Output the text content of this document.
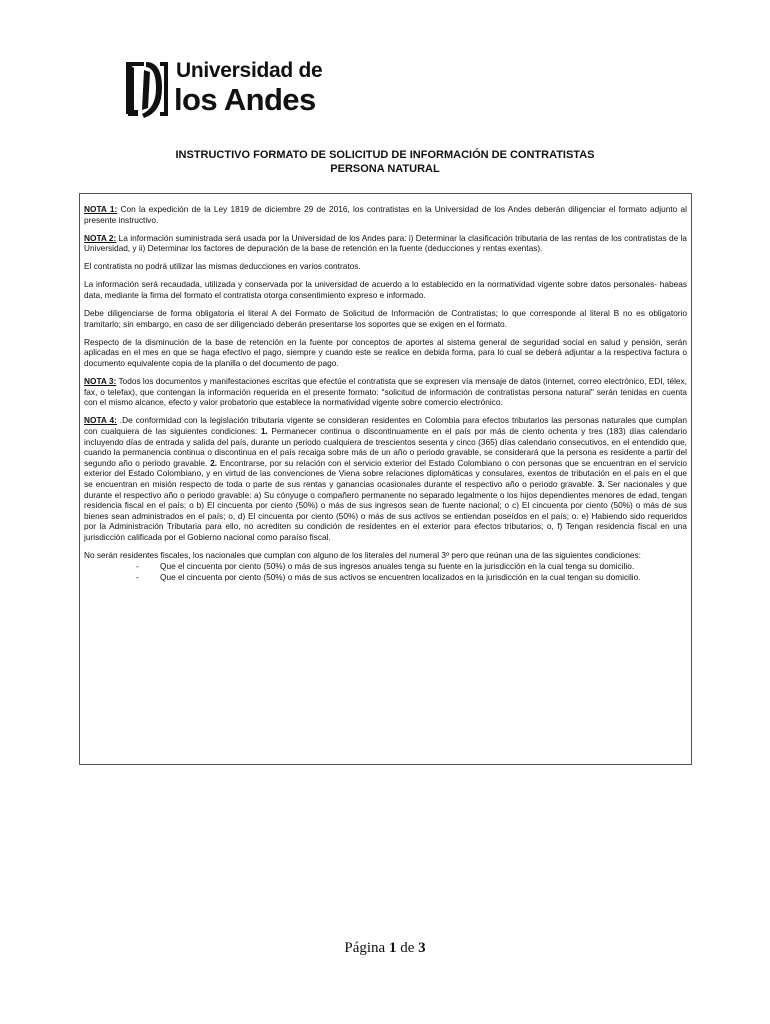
Universidad de
los Andes
INSTRUCTIVO FORMATO DE SOLICITUD DE INFORMACIÓN DE CONTRATISTAS
PERSONA NATURAL

NOTA 1: Con la expedición de la Ley 1819 de diciembre 29 de 2016, los contratistas en la Universidad de los Andes deberán diligenciar el formato adjunto al presente instructivo.

NOTA 2: La información suministrada será usada por la Universidad de los Andes para: i) Determinar la clasificación tributaria de las rentas de los contratistas de la Universidad, y ii) Determinar los factores de depuración de la base de retención en la fuente (deducciones y rentas exentas).

El contratista no podrá utilizar las mismas deducciones en varios contratos.

La información será recaudada, utilizada y conservada por la universidad de acuerdo a lo establecido en la normatividad vigente sobre datos personales- habeas data, mediante la firma del formato el contratista otorga consentimiento expreso e informado.

Debe diligenciarse de forma obligatoria el literal A del Formato de Solicitud de Información de Contratistas; lo que corresponde al literal B no es obligatorio tramitarlo; sin embargo, en caso de ser diligenciado deberán presentarse los soportes que se exigen en el formato.

Respecto de la disminución de la base de retención en la fuente por conceptos de aportes al sistema general de seguridad social en salud y pensión, serán aplicadas en el mes en que se haga efectivo el pago, siempre y cuando este se realice en debida forma, para lo cual se deberá adjuntar a la respectiva factura o documento equivalente copia de la planilla o del documento de pago.

NOTA 3: Todos los documentos y manifestaciones escritas que efectúe el contratista que se expresen vía mensaje de datos (internet, correo electrónico, EDI, télex, fax, o telefax), que contengan la información requerida en el presente formato: "solicitud de información de contratistas persona natural" serán tenidas en cuenta con el mismo alcance, efecto y valor probatorio que establece la normatividad vigente sobre comercio electrónico.

NOTA 4: .De conformidad con la legislación tributaria vigente se consideran residentes en Colombia para efectos tributarios las personas naturales que cumplan con cualquiera de las siguientes condiciones: 1. Permanecer continua o discontinuamente en el país por más de ciento ochenta y tres (183) días calendario incluyendo días de entrada y salida del país, durante un periodo cualquiera de trescientos sesenta y cinco (365) días calendario consecutivos, en el entendido que, cuando la permanencia continua o discontinua en el país recaiga sobre más de un año o periodo gravable, se considerará que la persona es residente a partir del segundo año o periodo gravable. 2. Encontrarse, por su relación con el servicio exterior del Estado Colombiano o con personas que se encuentran en el servicio exterior del Estado Colombiano, y en virtud de las convenciones de Viena sobre relaciones diplomáticas y consulares, exentos de tributación en el país en el que se encuentran en misión respecto de toda o parte de sus rentas y ganancias ocasionales durante el respectivo año o periodo gravable. 3. Ser nacionales y que durante el respectivo año o periodo gravable: a) Su cónyuge o compañero permanente no separado legalmente o los hijos dependientes menores de edad, tengan residencia fiscal en el país; o b) El cincuenta por ciento (50%) o más de sus ingresos sean de fuente nacional; o c) El cincuenta por ciento (50%) o más de sus bienes sean administrados en el país; o, d) El cincuenta por ciento (50%) o más de sus activos se entiendan poseídos en el país; o. e) Habiendo sido requeridos por la Administración Tributaria para ello, no acrediten su condición de residentes en el exterior para efectos tributarios; o, f) Tengan residencia fiscal en una jurisdicción calificada por el Gobierno nacional como paraíso fiscal.

No serán residentes fiscales, los nacionales que cumplan con alguno de los literales del numeral 3º pero que reúnan una de las siguientes condiciones:

-	Que el cincuenta por ciento (50%) o más de sus ingresos anuales tenga su fuente en la jurisdicción en la cual tenga su domicilio.
-	Que el cincuenta por ciento (50%) o más de sus activos se encuentren localizados en la jurisdicción en la cual tengan su domicilio.
Página 1 de 3
